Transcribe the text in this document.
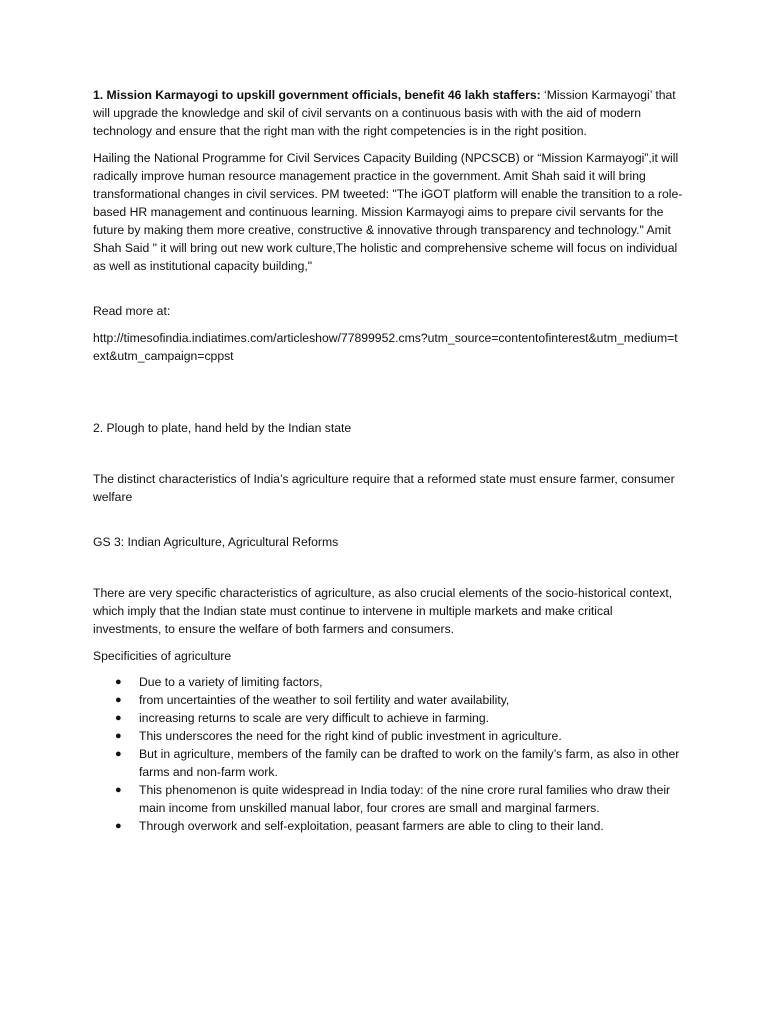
1. Mission Karmayogi to upskill government officials, benefit 46 lakh staffers: ‘Mission Karmayogi’ that will upgrade the knowledge and skil of civil servants on a continuous basis with with the aid of modern technology and ensure that the right man with the right competencies is in the right position.

Hailing the National Programme for Civil Services Capacity Building (NPCSCB) or “Mission Karmayogi”,it will radically improve human resource management practice in the government. Amit Shah said it will bring transformational changes in civil services. PM tweeted: "The iGOT platform will enable the transition to a role-based HR management and continuous learning. Mission Karmayogi aims to prepare civil servants for the future by making them more creative, constructive & innovative through transparency and technology." Amit Shah Said " it will bring out new work culture,The holistic and comprehensive scheme will focus on individual as well as institutional capacity building,"

Read more at:

http://timesofindia.indiatimes.com/articleshow/77899952.cms?utm_source=contentofinterest&utm_medium=text&utm_campaign=cppst

2. Plough to plate, hand held by the Indian state

The distinct characteristics of India’s agriculture require that a reformed state must ensure farmer, consumer welfare

GS 3: Indian Agriculture, Agricultural Reforms

There are very specific characteristics of agriculture, as also crucial elements of the socio-historical context, which imply that the Indian state must continue to intervene in multiple markets and make critical investments, to ensure the welfare of both farmers and consumers.

Specificities of agriculture

● Due to a variety of limiting factors,
● from uncertainties of the weather to soil fertility and water availability,
● increasing returns to scale are very difficult to achieve in farming.
● This underscores the need for the right kind of public investment in agriculture.
● But in agriculture, members of the family can be drafted to work on the family’s farm, as also in other farms and non-farm work.
● This phenomenon is quite widespread in India today: of the nine crore rural families who draw their main income from unskilled manual labor, four crores are small and marginal farmers.
● Through overwork and self-exploitation, peasant farmers are able to cling to their land.
